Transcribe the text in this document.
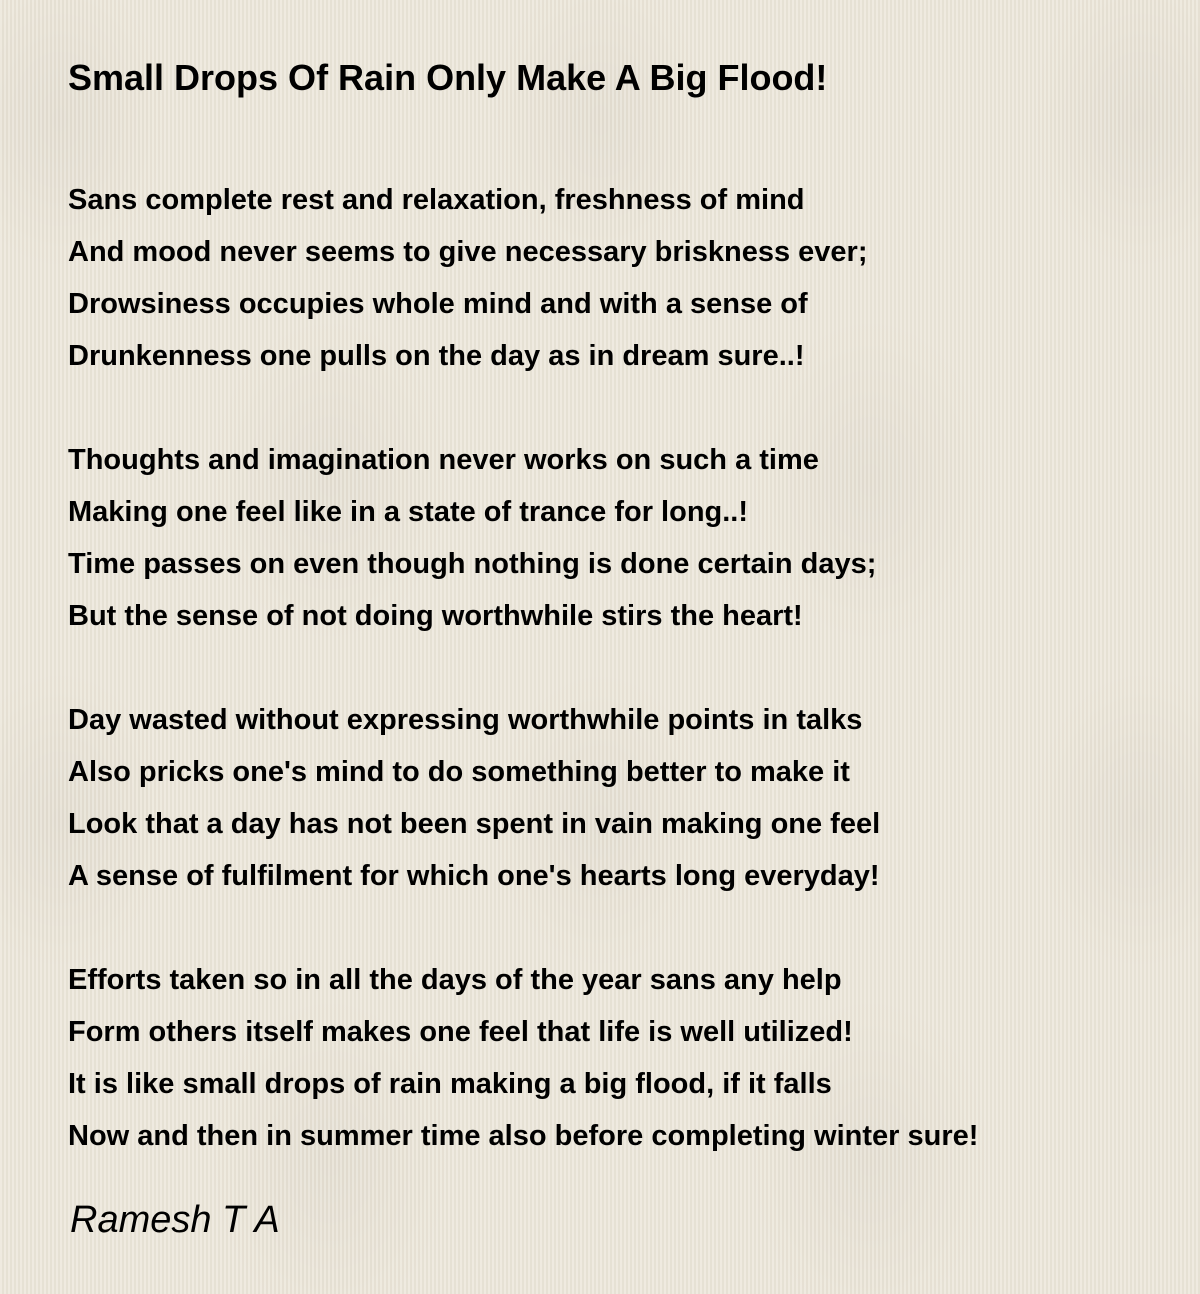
Small Drops Of Rain Only Make A Big Flood!
Sans complete rest and relaxation, freshness of mind
And mood never seems to give necessary briskness ever;
Drowsiness occupies whole mind and with a sense of
Drunkenness one pulls on the day as in dream sure..!
Thoughts and imagination never works on such a time
Making one feel like in a state of trance for long..!
Time passes on even though nothing is done certain days;
But the sense of not doing worthwhile stirs the heart!
Day wasted without expressing worthwhile points in talks
Also pricks one's mind to do something better to make it
Look that a day has not been spent in vain making one feel
A sense of fulfilment for which one's hearts long everyday!
Efforts taken so in all the days of the year sans any help
Form others itself makes one feel that life is well utilized!
It is like small drops of rain making a big flood, if it falls
Now and then in summer time also before completing winter sure!
Ramesh T A
